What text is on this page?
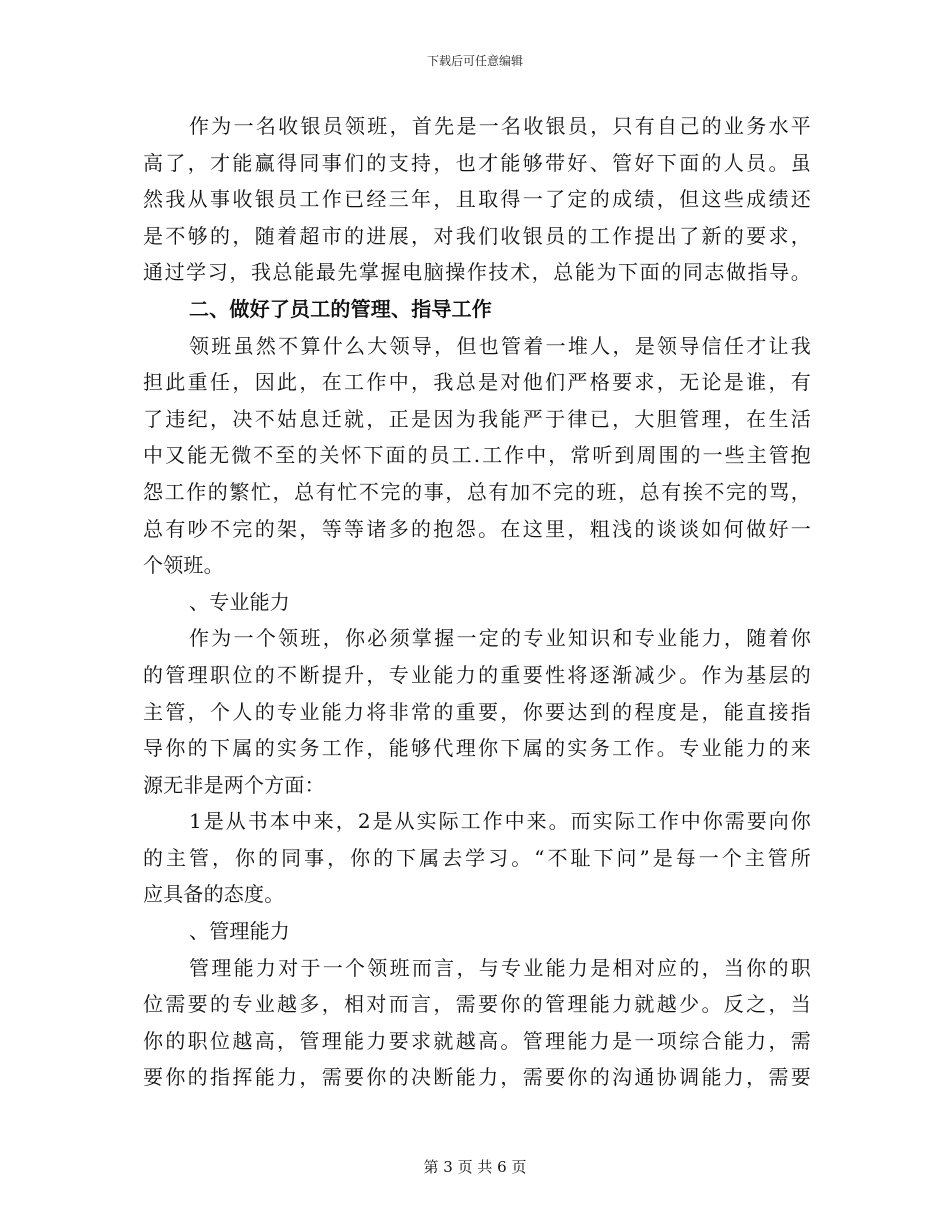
下载后可任意编辑
作为一名收银员领班，首先是一名收银员，只有自己的业务水平
高了，才能赢得同事们的支持，也才能够带好、管好下面的人员。虽
然我从事收银员工作已经三年，且取得一了定的成绩，但这些成绩还
是不够的，随着超市的进展，对我们收银员的工作提出了新的要求，
通过学习，我总能最先掌握电脑操作技术，总能为下面的同志做指导。
二、做好了员工的管理、指导工作
领班虽然不算什么大领导，但也管着一堆人，是领导信任才让我
担此重任，因此，在工作中，我总是对他们严格要求，无论是谁，有
了违纪，决不姑息迁就，正是因为我能严于律已，大胆管理，在生活
中又能无微不至的关怀下面的员工.工作中，常听到周围的一些主管抱
怨工作的繁忙，总有忙不完的事，总有加不完的班，总有挨不完的骂，
总有吵不完的架，等等诸多的抱怨。在这里，粗浅的谈谈如何做好一
个领班。
、专业能力
作为一个领班，你必须掌握一定的专业知识和专业能力，随着你
的管理职位的不断提升，专业能力的重要性将逐渐减少。作为基层的
主管，个人的专业能力将非常的重要，你要达到的程度是，能直接指
导你的下属的实务工作，能够代理你下属的实务工作。专业能力的来
源无非是两个方面：
1是从书本中来，2是从实际工作中来。而实际工作中你需要向你
的主管，你的同事，你的下属去学习。“不耻下问”是每一个主管所
应具备的态度。
、管理能力
管理能力对于一个领班而言，与专业能力是相对应的，当你的职
位需要的专业越多，相对而言，需要你的管理能力就越少。反之，当
你的职位越高，管理能力要求就越高。管理能力是一项综合能力，需
要你的指挥能力，需要你的决断能力，需要你的沟通协调能力，需要
第 3 页 共 6 页
